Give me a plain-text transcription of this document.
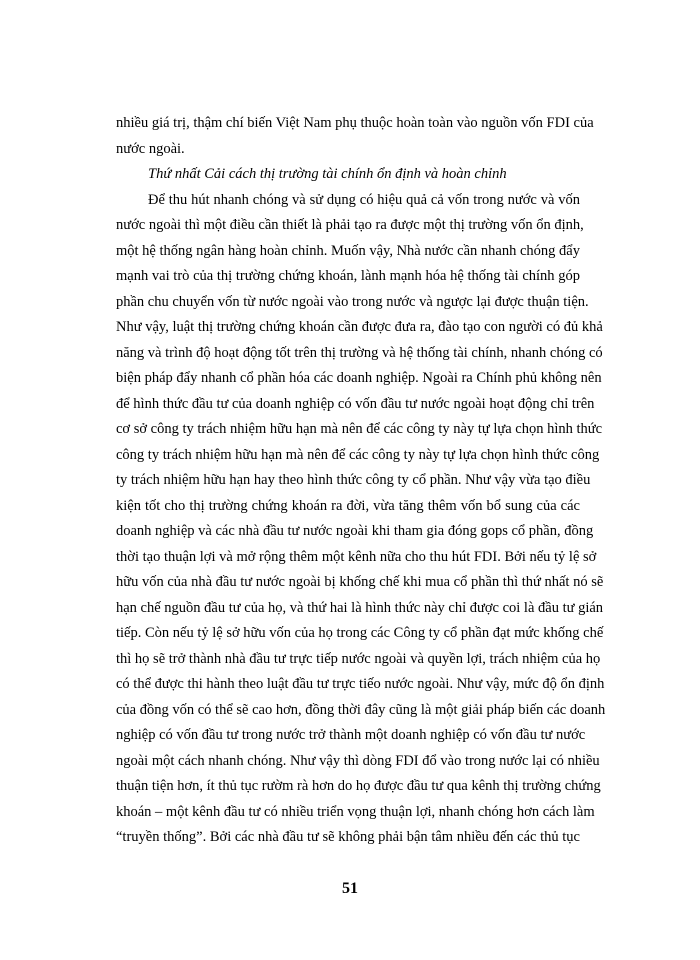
nhiều giá trị, thậm chí biến Việt Nam phụ thuộc hoàn toàn vào nguồn vốn FDI của
nước ngoài.
Thứ nhất Cải cách thị trường tài chính ổn định và hoàn chỉnh
Để thu hút nhanh chóng và sử dụng có hiệu quả cả vốn trong nước và vốn
nước ngoài thì một điều cần thiết là phải tạo ra được một thị trường vốn ổn định,
một hệ thống ngân hàng hoàn chỉnh. Muốn vậy, Nhà nước cần nhanh chóng đẩy
mạnh vai trò của thị trường chứng khoán, lành mạnh hóa hệ thống tài chính góp
phần chu chuyển vốn từ nước ngoài vào trong nước và ngược lại được thuận tiện.
Như vậy, luật thị trường chứng khoán cần được đưa ra, đào tạo con người có đủ khả
năng và trình độ hoạt động tốt trên thị trường và hệ thống tài chính, nhanh chóng có
biện pháp đẩy nhanh cổ phần hóa các doanh nghiệp. Ngoài ra Chính phủ không nên
để hình thức đầu tư của doanh nghiệp có vốn đầu tư nước ngoài hoạt động chỉ trên
cơ sở công ty trách nhiệm hữu hạn mà nên để các công ty này tự lựa chọn hình thức
công ty trách nhiệm hữu hạn mà nên để các công ty này tự lựa chọn hình thức công
ty trách nhiệm hữu hạn hay theo hình thức công ty cổ phần. Như vậy vừa tạo điều
kiện tốt cho thị trường chứng khoán ra đời, vừa tăng thêm vốn bổ sung của các
doanh nghiệp và các nhà đầu tư nước ngoài khi tham gia đóng gops cổ phần, đồng
thời tạo thuận lợi và mở rộng thêm một kênh nữa cho thu hút FDI. Bởi nếu tỷ lệ sở
hữu vốn của nhà đầu tư nước ngoài bị khống chế khi mua cổ phần thì thứ nhất nó sẽ
hạn chế nguồn đầu tư của họ, và thứ hai là hình thức này chỉ được coi là đầu tư gián
tiếp. Còn nếu tỷ lệ sở hữu vốn của họ trong các Công ty cổ phần đạt mức khống chế
thì họ sẽ trở thành nhà đầu tư trực tiếp nước ngoài và quyền lợi, trách nhiệm của họ
có thể được thi hành theo luật đầu tư trực tiếo nước ngoài. Như vậy, mức độ ổn định
của đồng vốn có thể sẽ cao hơn, đồng thời đây cũng là một giải pháp biến các doanh
nghiệp có vốn đầu tư trong nước trở thành một doanh nghiệp có vốn đầu tư nước
ngoài một cách nhanh chóng. Như vậy thì dòng FDI đổ vào trong nước lại có nhiều
thuận tiện hơn, ít thủ tục rườm rà hơn do họ được đầu tư qua kênh thị trường chứng
khoán – một kênh đầu tư có nhiều triển vọng thuận lợi, nhanh chóng hơn cách làm
“truyền thống”. Bởi các nhà đầu tư sẽ không phải bận tâm nhiều đến các thủ tục
51
